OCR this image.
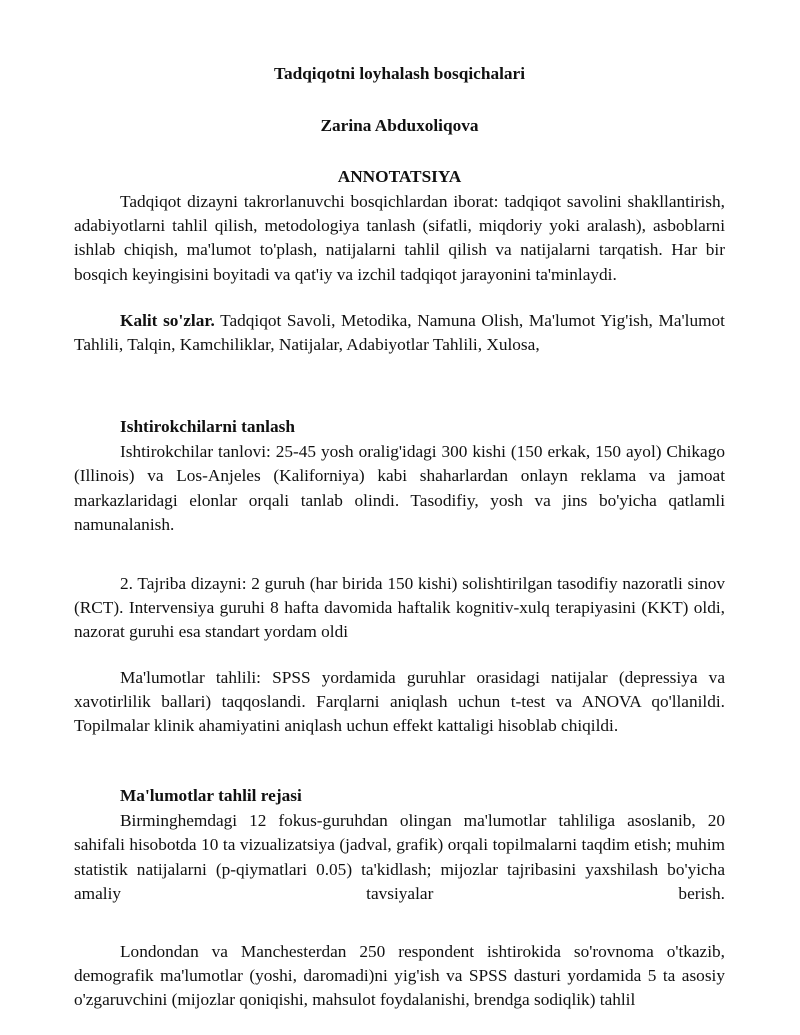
Tadqiqotni loyhalash bosqichalari
Zarina Abduxoliqova
ANNOTATSIYA

Tadqiqot dizayni takrorlanuvchi bosqichlardan iborat: tadqiqot savolini shakllantirish, adabiyotlarni tahlil qilish, metodologiya tanlash (sifatli, miqdoriy yoki aralash), asboblarni ishlab chiqish, ma'lumot to'plash, natijalarni tahlil qilish va natijalarni tarqatish. Har bir bosqich keyingisini boyitadi va qat'iy va izchil tadqiqot jarayonini ta'minlaydi.

Kalit so'zlar. Tadqiqot Savoli, Metodika, Namuna Olish, Ma'lumot Yig'ish, Ma'lumot Tahlili, Talqin, Kamchiliklar, Natijalar, Adabiyotlar Tahlili, Xulosa,

Ishtirokchilarni tanlash

Ishtirokchilar tanlovi: 25-45 yosh oralig'idagi 300 kishi (150 erkak, 150 ayol) Chikago (Illinois) va Los-Anjeles (Kaliforniya) kabi shaharlardan onlayn reklama va jamoat markazlaridagi elonlar orqali tanlab olindi. Tasodifiy, yosh va jins bo'yicha qatlamli namunalanish.

2. Tajriba dizayni: 2 guruh (har birida 150 kishi) solishtirilgan tasodifiy nazoratli sinov (RCT). Intervensiya guruhi 8 hafta davomida haftalik kognitiv-xulq terapiyasini (KKT) oldi, nazorat guruhi esa standart yordam oldi

Ma'lumotlar tahlili: SPSS yordamida guruhlar orasidagi natijalar (depressiya va xavotirlilik ballari) taqqoslandi. Farqlarni aniqlash uchun t-test va ANOVA qo'llanildi. Topilmalar klinik ahamiyatini aniqlash uchun effekt kattaligi hisoblab chiqildi.

Ma'lumotlar tahlil rejasi

Birminghemdagi 12 fokus-guruhdan olingan ma'lumotlar tahliliga asoslanib, 20 sahifali hisobotda 10 ta vizualizatsiya (jadval, grafik) orqali topilmalarni taqdim etish; muhim statistik natijalarni (p-qiymatlari 0.05) ta'kidlash; mijozlar tajribasini yaxshilash bo'yicha amaliy tavsiyalar berish.

Londondan va Manchesterdan 250 respondent ishtirokida so'rovnoma o'tkazib, demografik ma'lumotlar (yoshi, daromadi)ni yig'ish va SPSS dasturi yordamida 5 ta asosiy o'zgaruvchini (mijozlar qoniqishi, mahsulot foydalanishi, brendga sodiqlik) tahlil
